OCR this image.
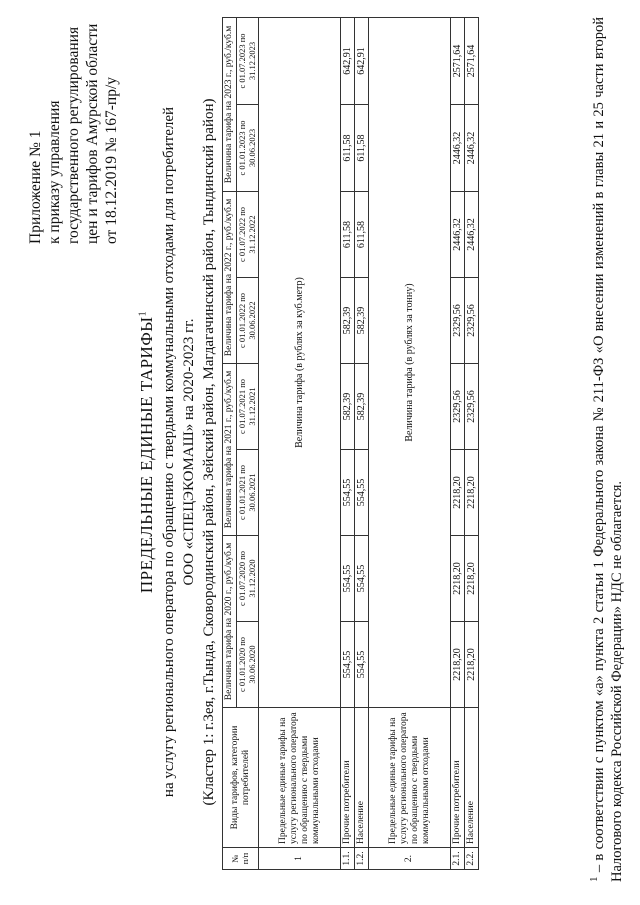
Приложение № 1 к приказу управления государственного регулирования цен и тарифов Амурской области от 18.12.2019 № 167-пр/у
ПРЕДЕЛЬНЫЕ ЕДИНЫЕ ТАРИФЫ$^1$ на услугу регионального оператора по обращению с твердыми коммунальными отходами для потребителей ООО «СПЕЦЭКОМАШ» на 2020-2023 гг. (Кластер 1: г.Зея, г.Тында, Сковородинский район, Зейский район, Магдагачинский район, Тындинский район)
№ п/п	Виды тарифов, категории потребителей	Величина тарифа на 2020 г., руб./куб.м		Величина тарифа на 2021 г., руб./куб.м		Величина тарифа на 2022 г., руб./куб.м		Величина тарифа на 2023 г., руб./куб.м	
		с 01.01.2020 по 30.06.2020	с 01.07.2020 по 31.12.2020	с 01.01.2021 по 30.06.2021	с 01.07.2021 по 31.12.2021	с 01.01.2022 по 30.06.2022	с 01.07.2022 по 31.12.2022	с 01.01.2023 по 30.06.2023	с 01.07.2023 по 31.12.2023
1	Предельные единые тарифы на услугу регионального оператора по обращению с твердыми коммунальными отходами	Величина тарифа (в рублях за куб.метр)							
1.1.	Прочие потребители	554,55	554,55	554,55	582,39	582,39	611,58	611,58	642,91
1.2.	Население	554,55	554,55	554,55	582,39	582,39	611,58	611,58	642,91
2.	Предельные единые тарифы на услугу регионального оператора по обращению с твердыми коммунальными отходами	Величина тарифа (в рублях за тонну)							
2.1.	Прочие потребители	2218,20	2218,20	2218,20	2329,56	2329,56	2446,32	2446,32	2571,64
2.2.	Население	2218,20	2218,20	2218,20	2329,56	2329,56	2446,32	2446,32	2571,64
$^1$ – в соответствии с пунктом «а» пункта 2 статьи 1 Федерального закона № 211-ФЗ «О внесении изменений в главы 21 и 25 части второй Налогового кодекса Российской Федерации» НДС не облагается.
